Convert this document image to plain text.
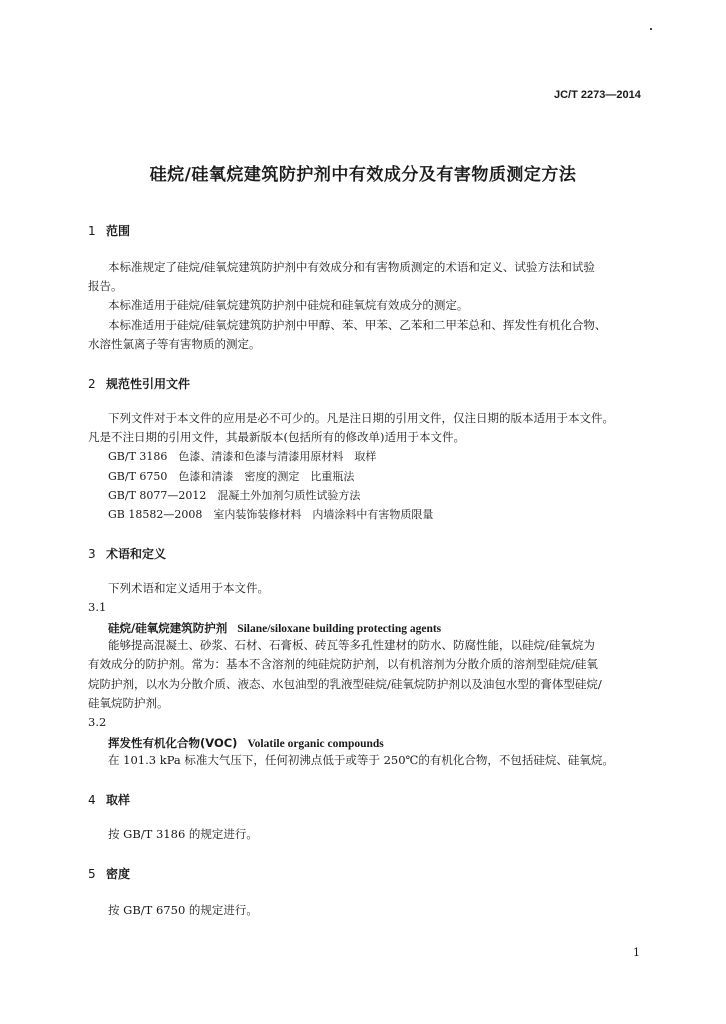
JC/T 2273—2014
硅烷/硅氧烷建筑防护剂中有效成分及有害物质测定方法
1 范围
本标准规定了硅烷/硅氧烷建筑防护剂中有效成分和有害物质测定的术语和定义、试验方法和试验
报告。
本标准适用于硅烷/硅氧烷建筑防护剂中硅烷和硅氧烷有效成分的测定。
本标准适用于硅烷/硅氧烷建筑防护剂中甲醇、苯、甲苯、乙苯和二甲苯总和、挥发性有机化合物、
水溶性氯离子等有害物质的测定。
2 规范性引用文件
下列文件对于本文件的应用是必不可少的。凡是注日期的引用文件，仅注日期的版本适用于本文件。
凡是不注日期的引用文件，其最新版本(包括所有的修改单)适用于本文件。
GB/T 3186　色漆、清漆和色漆与清漆用原材料　取样
GB/T 6750　色漆和清漆　密度的测定　比重瓶法
GB/T 8077—2012　混凝土外加剂匀质性试验方法
GB 18582—2008　室内装饰装修材料　内墙涂料中有害物质限量
3 术语和定义
下列术语和定义适用于本文件。
3.1
硅烷/硅氧烷建筑防护剂 Silane/siloxane building protecting agents
能够提高混凝土、砂浆、石材、石膏板、砖瓦等多孔性建材的防水、防腐性能，以硅烷/硅氧烷为
有效成分的防护剂。常为：基本不含溶剂的纯硅烷防护剂，以有机溶剂为分散介质的溶剂型硅烷/硅氧
烷防护剂，以水为分散介质、液态、水包油型的乳液型硅烷/硅氧烷防护剂以及油包水型的膏体型硅烷/
硅氧烷防护剂。
3.2
挥发性有机化合物(VOC) Volatile organic compounds
在 101.3 kPa 标准大气压下，任何初沸点低于或等于 250℃的有机化合物，不包括硅烷、硅氧烷。
4 取样
按 GB/T 3186 的规定进行。
5 密度
按 GB/T 6750 的规定进行。
1
